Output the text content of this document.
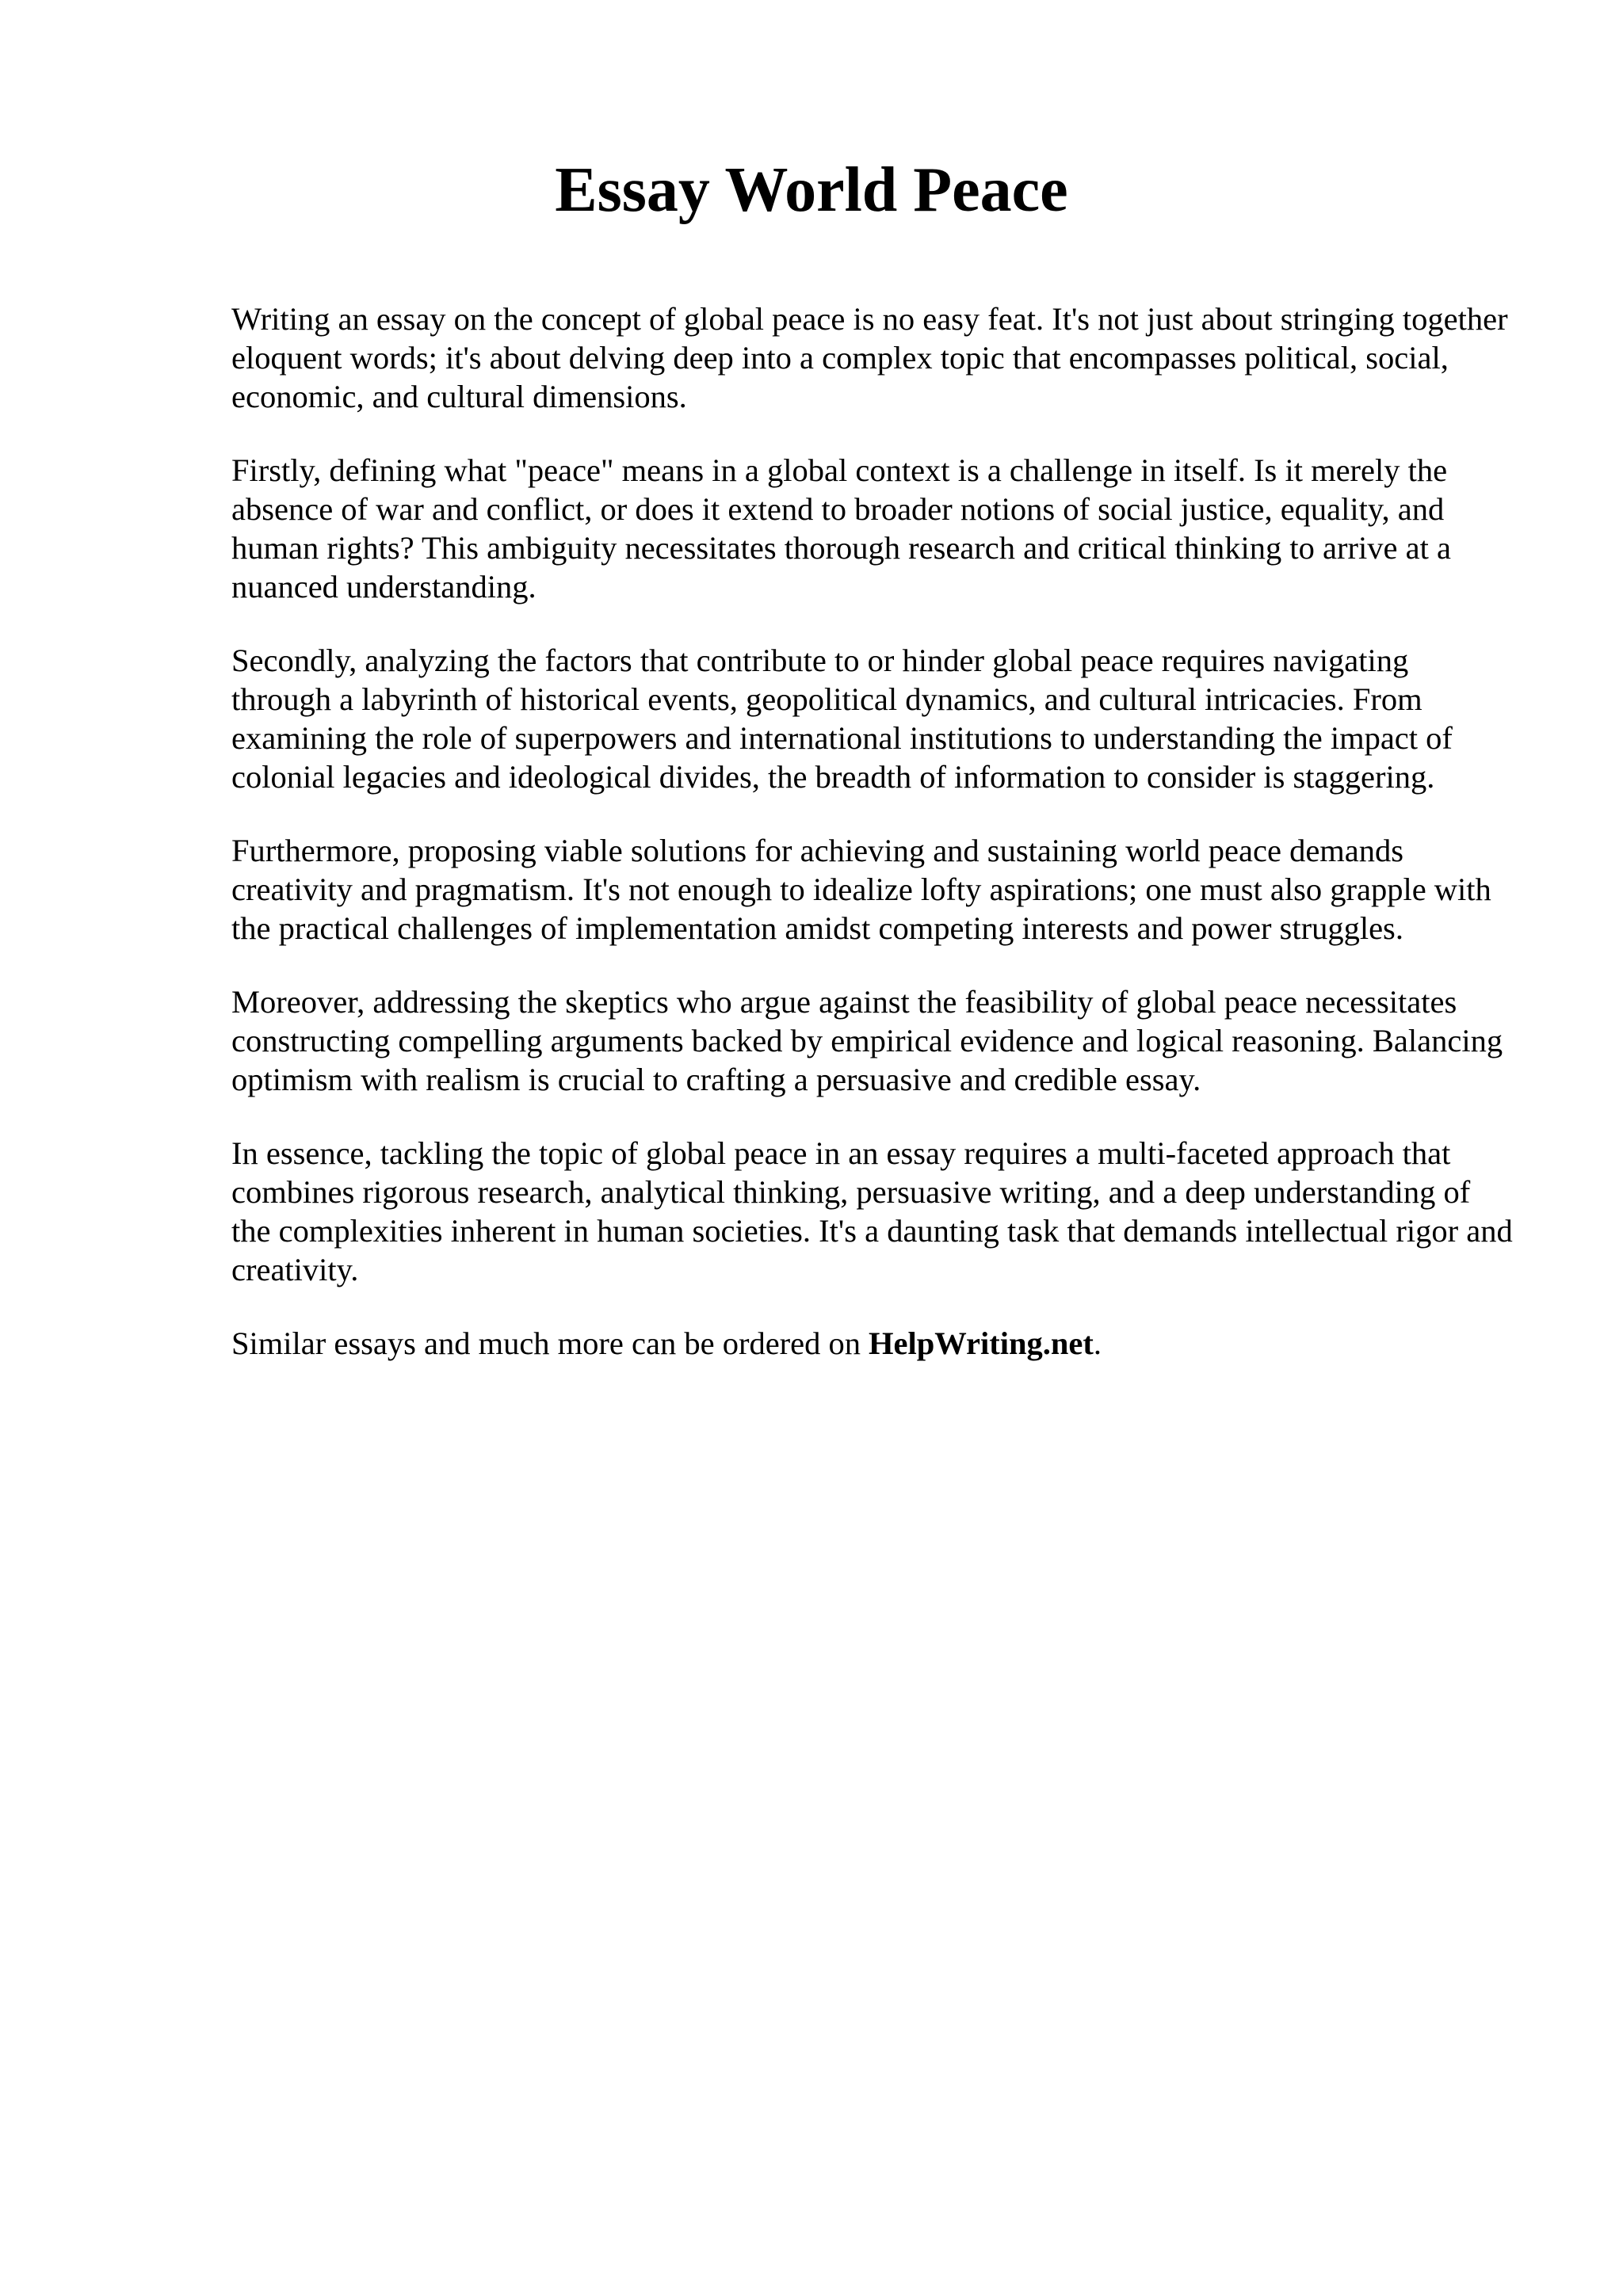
Essay World Peace

Writing an essay on the concept of global peace is no easy feat. It's not just about stringing together eloquent words; it's about delving deep into a complex topic that encompasses political, social, economic, and cultural dimensions.

Firstly, defining what "peace" means in a global context is a challenge in itself. Is it merely the absence of war and conflict, or does it extend to broader notions of social justice, equality, and human rights? This ambiguity necessitates thorough research and critical thinking to arrive at a nuanced understanding.

Secondly, analyzing the factors that contribute to or hinder global peace requires navigating through a labyrinth of historical events, geopolitical dynamics, and cultural intricacies. From examining the role of superpowers and international institutions to understanding the impact of colonial legacies and ideological divides, the breadth of information to consider is staggering.

Furthermore, proposing viable solutions for achieving and sustaining world peace demands creativity and pragmatism. It's not enough to idealize lofty aspirations; one must also grapple with the practical challenges of implementation amidst competing interests and power struggles.

Moreover, addressing the skeptics who argue against the feasibility of global peace necessitates constructing compelling arguments backed by empirical evidence and logical reasoning. Balancing optimism with realism is crucial to crafting a persuasive and credible essay.

In essence, tackling the topic of global peace in an essay requires a multi-faceted approach that combines rigorous research, analytical thinking, persuasive writing, and a deep understanding of the complexities inherent in human societies. It's a daunting task that demands intellectual rigor and creativity.

Similar essays and much more can be ordered on HelpWriting.net.
